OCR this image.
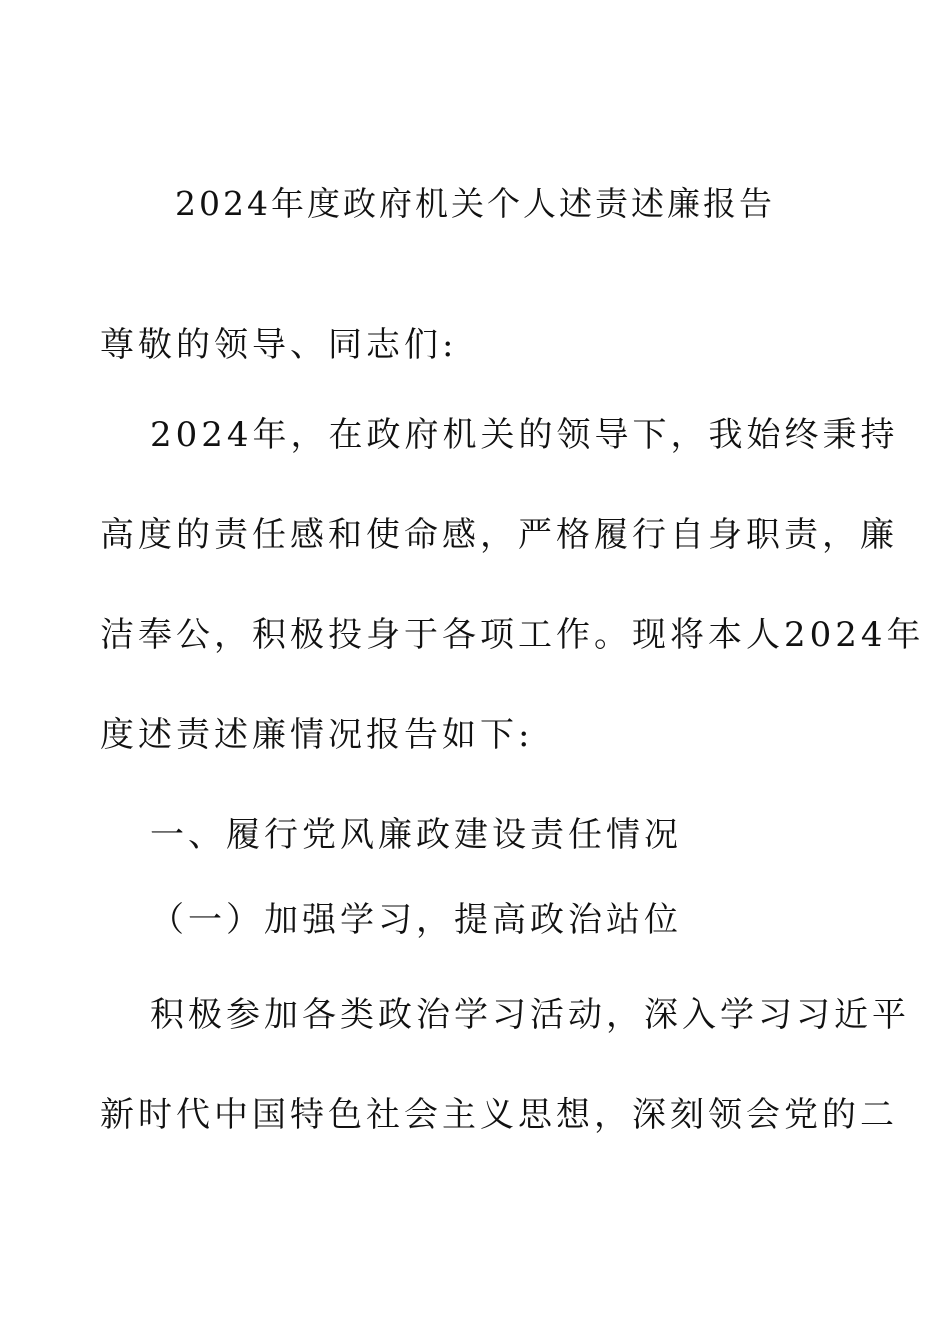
2024年度政府机关个人述责述廉报告
尊敬的领导、同志们:
2024年，在政府机关的领导下，我始终秉持
高度的责任感和使命感，严格履行自身职责，廉
洁奉公，积极投身于各项工作。现将本人2024年
度述责述廉情况报告如下:
一、履行党风廉政建设责任情况
（一）加强学习，提高政治站位
积极参加各类政治学习活动，深入学习习近平
新时代中国特色社会主义思想，深刻领会党的二
